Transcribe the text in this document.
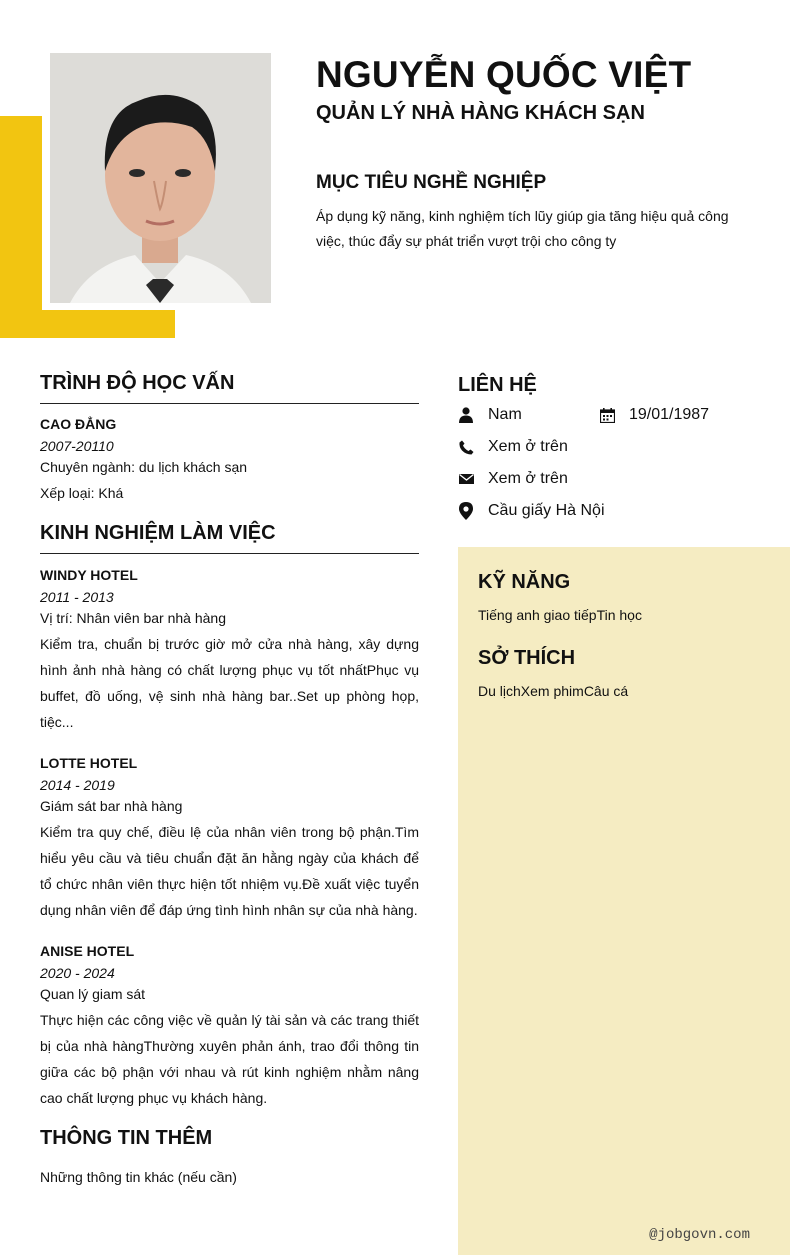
NGUYỄN QUỐC VIỆT
QUẢN LÝ NHÀ HÀNG KHÁCH SẠN
MỤC TIÊU NGHỀ NGHIỆP

Áp dụng kỹ năng, kinh nghiệm tích lũy giúp gia tăng hiệu quả công việc, thúc đẩy sự phát triển vượt trội cho công ty

TRÌNH ĐỘ HỌC VẤN

CAO ĐẲNG

2007-20110

Chuyên ngành: du lịch khách sạn

Xếp loại: Khá

KINH NGHIỆM LÀM VIỆC

WINDY HOTEL

2011 - 2013

Vị trí: Nhân viên bar nhà hàng

Kiểm tra, chuẩn bị trước giờ mở cửa nhà hàng, xây dựng hình ảnh nhà hàng có chất lượng phục vụ tốt nhấtPhục vụ buffet, đồ uống, vệ sinh nhà hàng bar..Set up phòng họp, tiệc...

LOTTE HOTEL

2014 - 2019

Giám sát bar nhà hàng

Kiểm tra quy chế, điều lệ của nhân viên trong bộ phận.Tìm hiểu yêu cầu và tiêu chuẩn đặt ăn hằng ngày của khách để tổ chức nhân viên thực hiện tốt nhiệm vụ.Đề xuất việc tuyển dụng nhân viên để đáp ứng tình hình nhân sự của nhà hàng.

ANISE HOTEL

2020 - 2024

Quan lý giam sát

Thực hiện các công việc về quản lý tài sản và các trang thiết bị của nhà hàngThường xuyên phản ánh, trao đổi thông tin giữa các bộ phận với nhau và rút kinh nghiệm nhằm nâng cao chất lượng phục vụ khách hàng.

THÔNG TIN THÊM

Những thông tin khác (nếu cần)

LIÊN HỆ
Nam	19/01/1987
Xem ở trên
Xem ở trên
Cầu giấy Hà Nội
KỸ NĂNG

Tiếng anh giao tiếpTin học

SỞ THÍCH

Du lịchXem phimCâu cá

@jobgovn.com
